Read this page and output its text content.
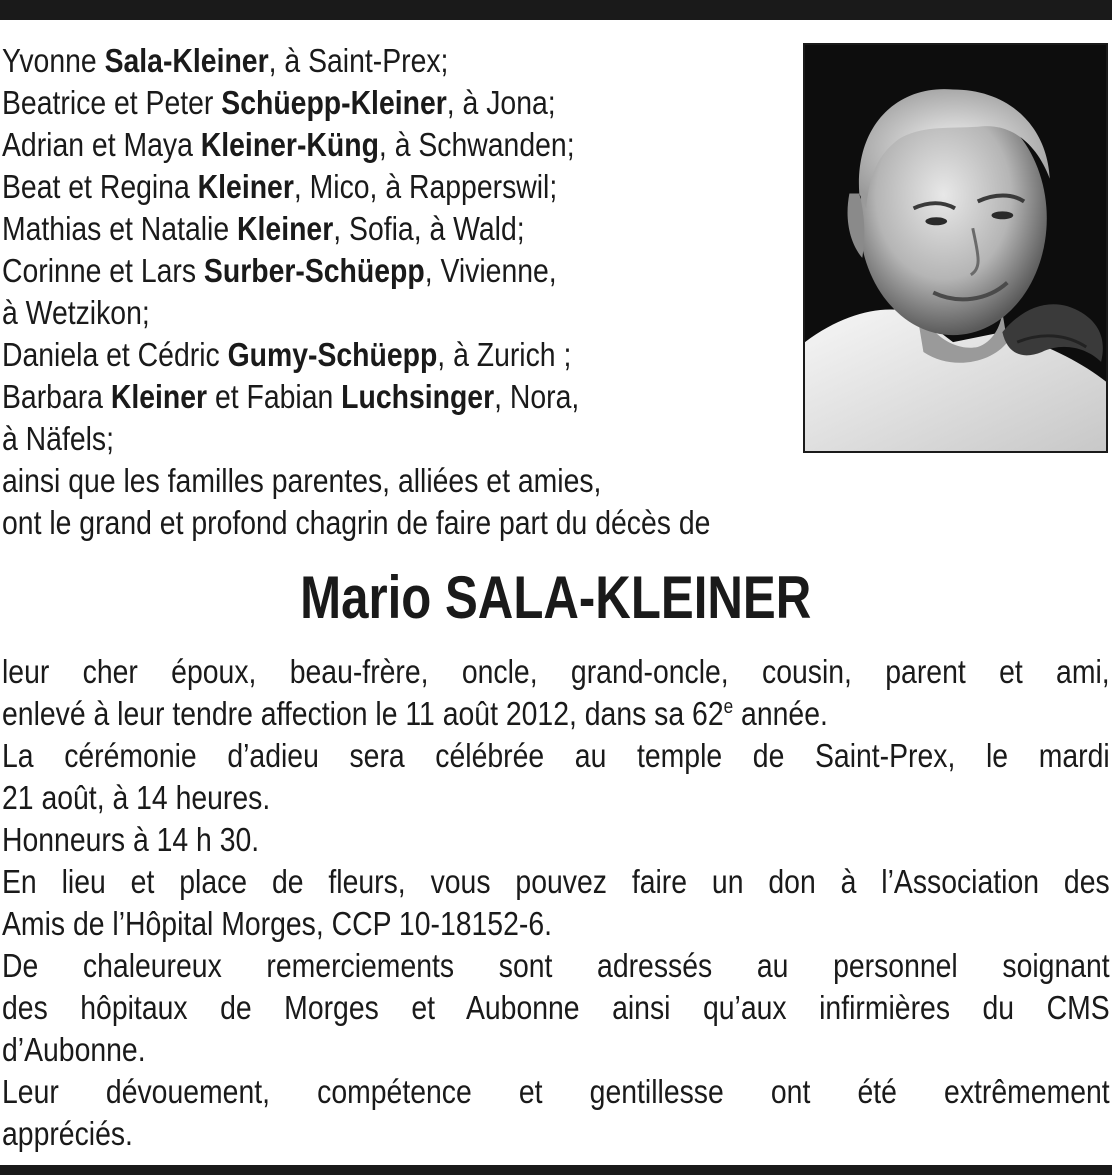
Yvonne Sala-Kleiner, à Saint-Prex;
Beatrice et Peter Schüepp-Kleiner, à Jona;
Adrian et Maya Kleiner-Küng, à Schwanden;
Beat et Regina Kleiner, Mico, à Rapperswil;
Mathias et Natalie Kleiner, Sofia, à Wald;
Corinne et Lars Surber-Schüepp, Vivienne,
à Wetzikon;
Daniela et Cédric Gumy-Schüepp, à Zurich ;
Barbara Kleiner et Fabian Luchsinger, Nora,
à Näfels;
ainsi que les familles parentes, alliées et amies,
ont le grand et profond chagrin de faire part du décès de
Mario SALA-KLEINER
leur cher époux, beau-frère, oncle, grand-oncle, cousin, parent et ami,
enlevé à leur tendre affection le 11 août 2012, dans sa 62e année.
La cérémonie d’adieu sera célébrée au temple de Saint-Prex, le mardi
21 août, à 14 heures.
Honneurs à 14 h 30.
En lieu et place de fleurs, vous pouvez faire un don à l’Association des
Amis de l’Hôpital Morges, CCP 10-18152-6.
De chaleureux remerciements sont adressés au personnel soignant
des hôpitaux de Morges et Aubonne ainsi qu’aux infirmières du CMS
d’Aubonne.
Leur dévouement, compétence et gentillesse ont été extrêmement
appréciés.
